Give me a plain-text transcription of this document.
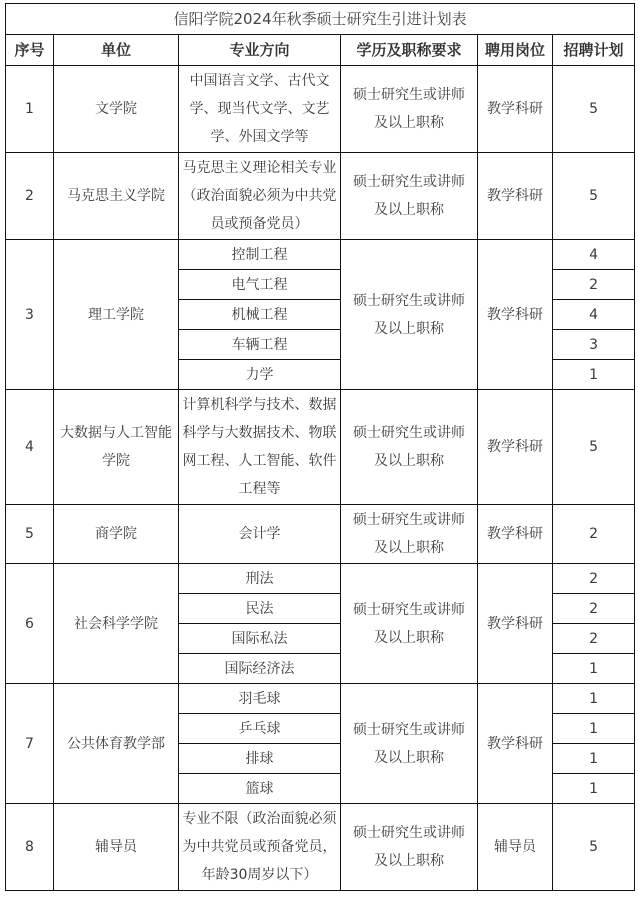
信阳学院2024年秋季硕士研究生引进计划表					
序号	单位	专业方向	学历及职称要求	聘用岗位	招聘计划
1	文学院	中国语言文学、古代文学、现当代文学、文艺学、外国文学等	硕士研究生或讲师及以上职称	教学科研	5
2	马克思主义学院	马克思主义理论相关专业（政治面貌必须为中共党员或预备党员）	硕士研究生或讲师及以上职称	教学科研	5
3	理工学院	控制工程	硕士研究生或讲师及以上职称	教学科研	4
		电气工程			2
		机械工程			4
		车辆工程			3
		力学			1
4	大数据与人工智能学院	计算机科学与技术、数据科学与大数据技术、物联网工程、人工智能、软件工程等	硕士研究生或讲师及以上职称	教学科研	5
5	商学院	会计学	硕士研究生或讲师及以上职称	教学科研	2
6	社会科学学院	刑法	硕士研究生或讲师及以上职称	教学科研	2
		民法			2
		国际私法			2
		国际经济法			1
7	公共体育教学部	羽毛球	硕士研究生或讲师及以上职称	教学科研	1
		乒乓球			1
		排球			1
		篮球			1
8	辅导员	专业不限（政治面貌必须为中共党员或预备党员，年龄30周岁以下）	硕士研究生或讲师及以上职称	辅导员	5
